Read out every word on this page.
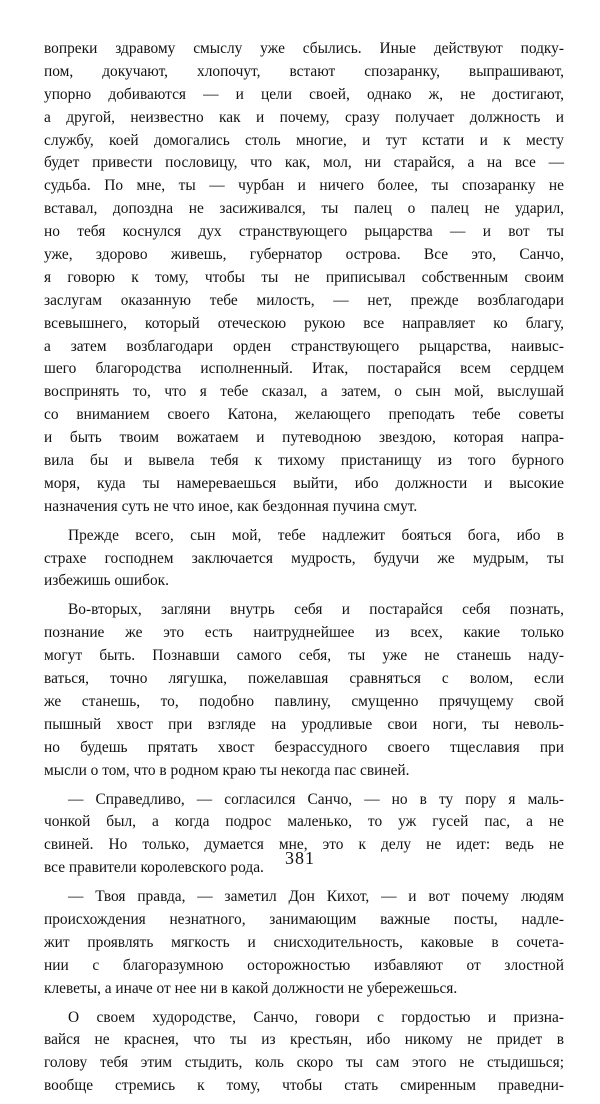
вопреки здравому смыслу уже сбылись. Иные действуют подку-
пом, докучают, хлопочут, встают спозаранку, выпрашивают,
упорно добиваются — и цели своей, однако ж, не достигают,
а другой, неизвестно как и почему, сразу получает должность и
службу, коей домогались столь многие, и тут кстати и к месту
будет привести пословицу, что как, мол, ни старайся, а на все —
судьба. По мне, ты — чурбан и ничего более, ты спозаранку не
вставал, допоздна не засиживался, ты палец о палец не ударил,
но тебя коснулся дух странствующего рыцарства — и вот ты
уже, здорово живешь, губернатор острова. Все это, Санчо,
я говорю к тому, чтобы ты не приписывал собственным своим
заслугам оказанную тебе милость, — нет, прежде возблагодари
всевышнего, который отеческою рукою все направляет ко благу,
а затем возблагодари орден странствующего рыцарства, наивыс-
шего благородства исполненный. Итак, постарайся всем сердцем
воспринять то, что я тебе сказал, а затем, о сын мой, выслушай
со вниманием своего Катона, желающего преподать тебе советы
и быть твоим вожатаем и путеводною звездою, которая напра-
вила бы и вывела тебя к тихому пристанищу из того бурного
моря, куда ты намереваешься выйти, ибо должности и высокие
назначения суть не что иное, как бездонная пучина смут.
Прежде всего, сын мой, тебе надлежит бояться бога, ибо в
страхе господнем заключается мудрость, будучи же мудрым, ты
избежишь ошибок.
Во-вторых, загляни внутрь себя и постарайся себя познать,
познание же это есть наитруднейшее из всех, какие только
могут быть. Познавши самого себя, ты уже не станешь наду-
ваться, точно лягушка, пожелавшая сравняться с волом, если
же станешь, то, подобно павлину, смущенно прячущему свой
пышный хвост при взгляде на уродливые свои ноги, ты неволь-
но будешь прятать хвост безрассудного своего тщеславия при
мысли о том, что в родном краю ты некогда пас свиней.
— Справедливо, — согласился Санчо, — но в ту пору я маль-
чонкой был, а когда подрос маленько, то уж гусей пас, а не
свиней. Но только, думается мне, это к делу не идет: ведь не
все правители королевского рода.
— Твоя правда, — заметил Дон Кихот, — и вот почему людям
происхождения незнатного, занимающим важные посты, надле-
жит проявлять мягкость и снисходительность, каковые в сочета-
нии с благоразумною осторожностью избавляют от злостной
клеветы, а иначе от нее ни в какой должности не убережешься.
О своем худородстве, Санчо, говори с гордостью и призна-
вайся не краснея, что ты из крестьян, ибо никому не придет в
голову тебя этим стыдить, коль скоро ты сам этого не стыдишься;
вообще стремись к тому, чтобы стать смиренным праведни-
381
